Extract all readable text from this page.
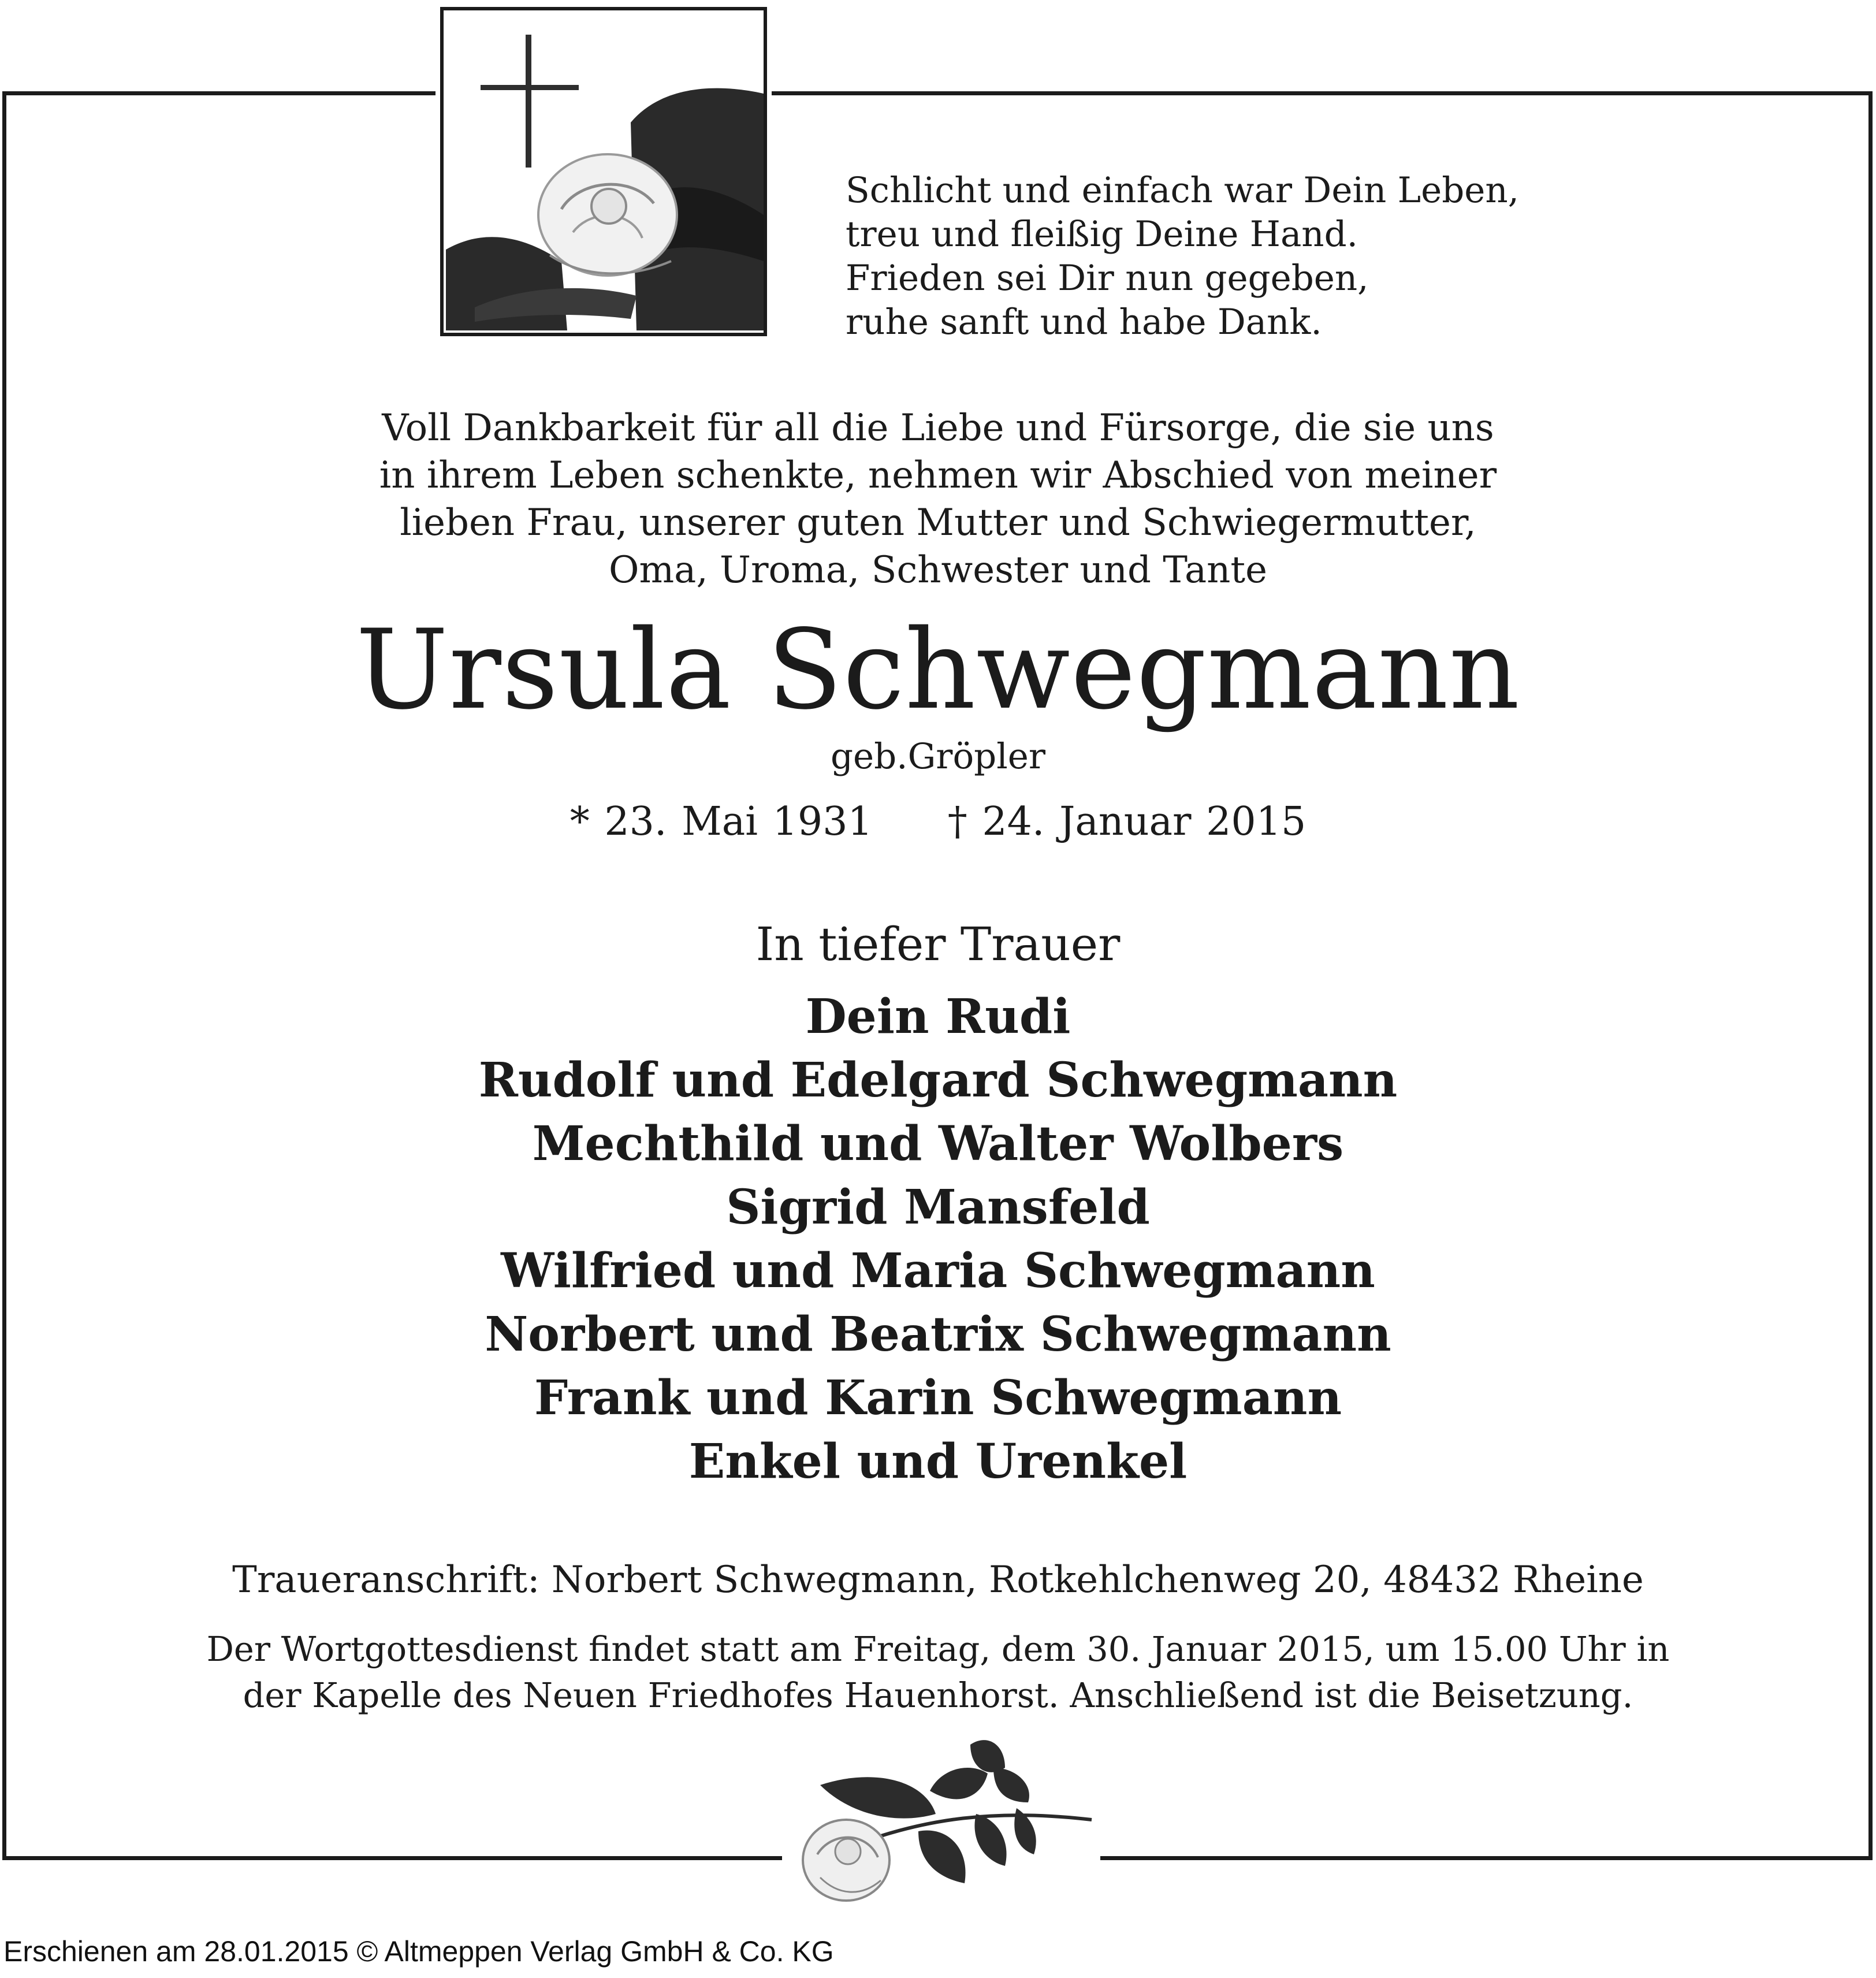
Schlicht und einfach war Dein Leben,
treu und fleißig Deine Hand.
Frieden sei Dir nun gegeben,
ruhe sanft und habe Dank.
Voll Dankbarkeit für all die Liebe und Fürsorge, die sie uns
in ihrem Leben schenkte, nehmen wir Abschied von meiner
lieben Frau, unserer guten Mutter und Schwiegermutter,
Oma, Uroma, Schwester und Tante
Ursula Schwegmann
geb.Gröpler
* 23. Mai 1931 † 24. Januar 2015
In tiefer Trauer
Dein Rudi
Rudolf und Edelgard Schwegmann
Mechthild und Walter Wolbers
Sigrid Mansfeld
Wilfried und Maria Schwegmann
Norbert und Beatrix Schwegmann
Frank und Karin Schwegmann
Enkel und Urenkel
Traueranschrift: Norbert Schwegmann, Rotkehlchenweg 20, 48432 Rheine
Der Wortgottesdienst findet statt am Freitag, dem 30. Januar 2015, um 15.00 Uhr in
der Kapelle des Neuen Friedhofes Hauenhorst. Anschließend ist die Beisetzung.
Erschienen am 28.01.2015 © Altmeppen Verlag GmbH & Co. KG
